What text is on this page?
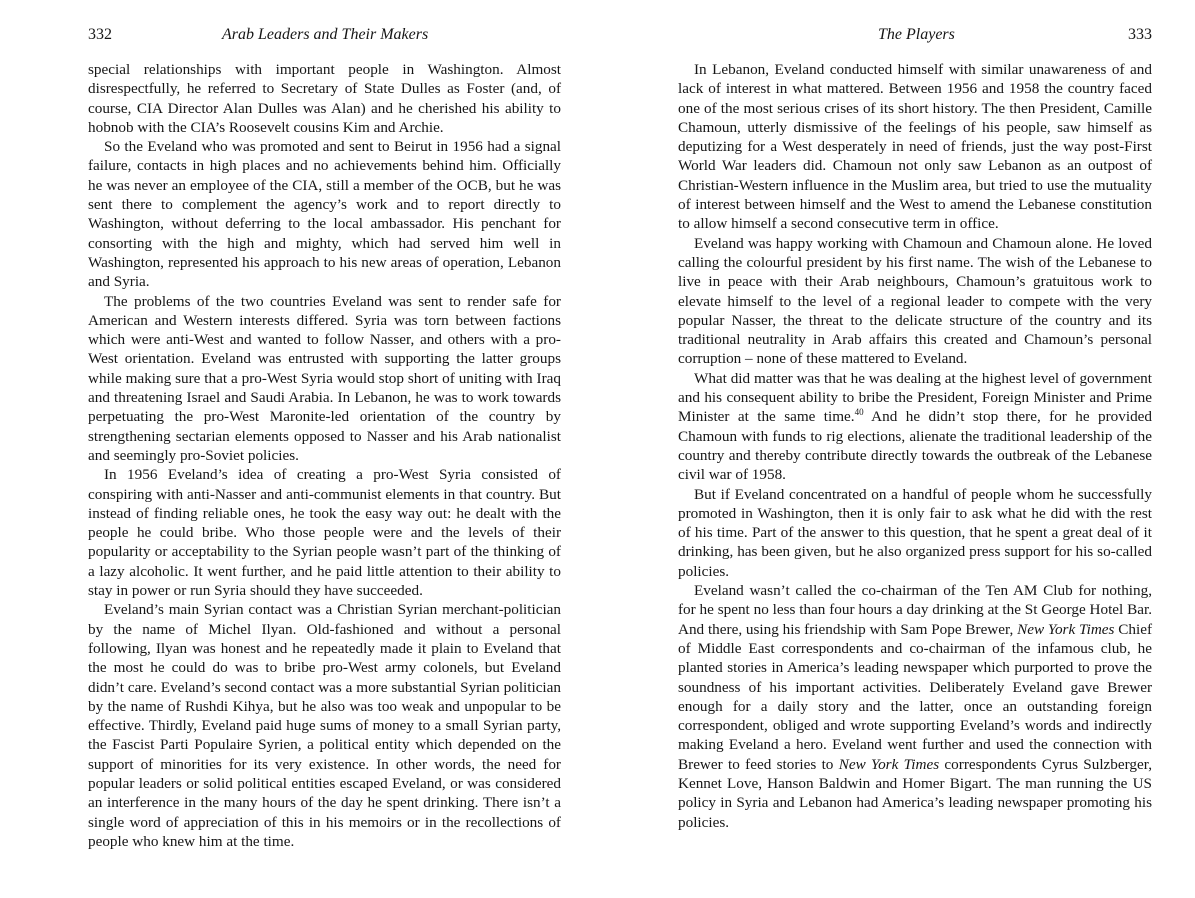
332	Arab Leaders and Their Makers

special relationships with important people in Washington. Almost disrespectfully, he referred to Secretary of State Dulles as Foster (and, of course, CIA Director Alan Dulles was Alan) and he cherished his ability to hobnob with the CIA’s Roosevelt cousins Kim and Archie.

So the Eveland who was promoted and sent to Beirut in 1956 had a signal failure, contacts in high places and no achievements behind him. Officially he was never an employee of the CIA, still a member of the OCB, but he was sent there to complement the agency’s work and to report directly to Washington, without deferring to the local ambassador. His penchant for consorting with the high and mighty, which had served him well in Washington, represented his approach to his new areas of operation, Lebanon and Syria.

The problems of the two countries Eveland was sent to render safe for American and Western interests differed. Syria was torn between factions which were anti-West and wanted to follow Nasser, and others with a pro-West orientation. Eveland was entrusted with supporting the latter groups while making sure that a pro-West Syria would stop short of uniting with Iraq and threatening Israel and Saudi Arabia. In Lebanon, he was to work towards perpetuating the pro-West Maronite-led orientation of the country by strengthening sectarian elements opposed to Nasser and his Arab nationalist and seemingly pro-Soviet policies.

In 1956 Eveland’s idea of creating a pro-West Syria consisted of conspiring with anti-Nasser and anti-communist elements in that country. But instead of finding reliable ones, he took the easy way out: he dealt with the people he could bribe. Who those people were and the levels of their popularity or acceptability to the Syrian people wasn’t part of the thinking of a lazy alcoholic. It went further, and he paid little attention to their ability to stay in power or run Syria should they have succeeded.

Eveland’s main Syrian contact was a Christian Syrian merchant-politician by the name of Michel Ilyan. Old-fashioned and without a personal following, Ilyan was honest and he repeatedly made it plain to Eveland that the most he could do was to bribe pro-West army colonels, but Eveland didn’t care. Eveland’s second contact was a more substantial Syrian politician by the name of Rushdi Kihya, but he also was too weak and unpopular to be effective. Thirdly, Eveland paid huge sums of money to a small Syrian party, the Fascist Parti Populaire Syrien, a political entity which depended on the support of minorities for its very existence. In other words, the need for popular leaders or solid political entities escaped Eveland, or was considered an interference in the many hours of the day he spent drinking. There isn’t a single word of appreciation of this in his memoirs or in the recollections of people who knew him at the time.

The Players	333

In Lebanon, Eveland conducted himself with similar unawareness of and lack of interest in what mattered. Between 1956 and 1958 the country faced one of the most serious crises of its short history. The then President, Camille Chamoun, utterly dismissive of the feelings of his people, saw himself as deputizing for a West desperately in need of friends, just the way post-First World War leaders did. Chamoun not only saw Lebanon as an outpost of Christian-Western influence in the Muslim area, but tried to use the mutuality of interest between himself and the West to amend the Lebanese constitution to allow himself a second consecutive term in office.

Eveland was happy working with Chamoun and Chamoun alone. He loved calling the colourful president by his first name. The wish of the Lebanese to live in peace with their Arab neighbours, Chamoun’s gratuitous work to elevate himself to the level of a regional leader to compete with the very popular Nasser, the threat to the delicate structure of the country and its traditional neutrality in Arab affairs this created and Chamoun’s personal corruption – none of these mattered to Eveland.

What did matter was that he was dealing at the highest level of government and his consequent ability to bribe the President, Foreign Minister and Prime Minister at the same time.$^{40}$ And he didn’t stop there, for he provided Chamoun with funds to rig elections, alienate the traditional leadership of the country and thereby contribute directly towards the outbreak of the Lebanese civil war of 1958.

But if Eveland concentrated on a handful of people whom he successfully promoted in Washington, then it is only fair to ask what he did with the rest of his time. Part of the answer to this question, that he spent a great deal of it drinking, has been given, but he also organized press support for his so-called policies.

Eveland wasn’t called the co-chairman of the Ten AM Club for nothing, for he spent no less than four hours a day drinking at the St George Hotel Bar. And there, using his friendship with Sam Pope Brewer, New York Times Chief of Middle East correspondents and co-chairman of the infamous club, he planted stories in America’s leading newspaper which purported to prove the soundness of his important activities. Deliberately Eveland gave Brewer enough for a daily story and the latter, once an outstanding foreign correspondent, obliged and wrote supporting Eveland’s words and indirectly making Eveland a hero. Eveland went further and used the connection with Brewer to feed stories to New York Times correspondents Cyrus Sulzberger, Kennet Love, Hanson Baldwin and Homer Bigart. The man running the US policy in Syria and Lebanon had America’s leading newspaper promoting his policies.
